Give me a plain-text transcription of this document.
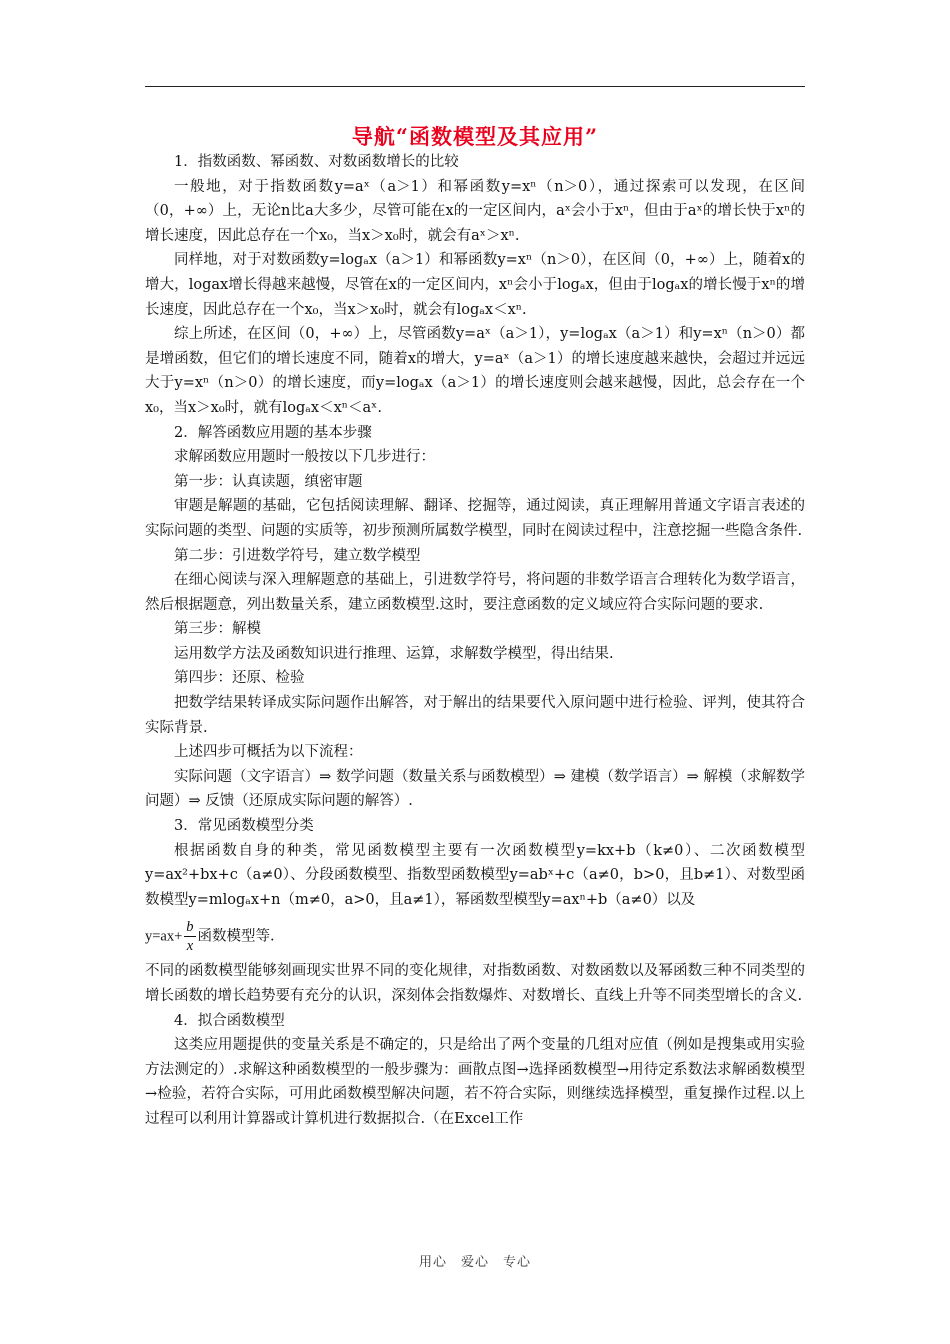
导航“函数模型及其应用”

1．指数函数、幂函数、对数函数增长的比较

一般地，对于指数函数y=aˣ（a＞1）和幂函数y=xⁿ（n＞0），通过探索可以发现，在区间（0，+∞）上，无论n比a大多少，尽管可能在x的一定区间内，aˣ会小于xⁿ，但由于aˣ的增长快于xⁿ的增长速度，因此总存在一个x₀，当x＞x₀时，就会有aˣ＞xⁿ.

同样地，对于对数函数y=logₐx（a＞1）和幂函数y=xⁿ（n＞0），在区间（0，+∞）上，随着x的增大，logax增长得越来越慢，尽管在x的一定区间内，xⁿ会小于logₐx，但由于logₐx的增长慢于xⁿ的增长速度，因此总存在一个x₀，当x＞x₀时，就会有logₐx＜xⁿ.

综上所述，在区间（0，+∞）上，尽管函数y=aˣ（a＞1），y=logₐx（a＞1）和y=xⁿ（n＞0）都是增函数，但它们的增长速度不同，随着x的增大，y=aˣ（a＞1）的增长速度越来越快，会超过并远远大于y=xⁿ（n＞0）的增长速度，而y=logₐx（a＞1）的增长速度则会越来越慢，因此，总会存在一个x₀，当x＞x₀时，就有logₐx＜xⁿ＜aˣ.

2．解答函数应用题的基本步骤

求解函数应用题时一般按以下几步进行：

第一步：认真读题，缜密审题

审题是解题的基础，它包括阅读理解、翻译、挖掘等，通过阅读，真正理解用普通文字语言表述的实际问题的类型、问题的实质等，初步预测所属数学模型，同时在阅读过程中，注意挖掘一些隐含条件.

第二步：引进数学符号，建立数学模型

在细心阅读与深入理解题意的基础上，引进数学符号，将问题的非数学语言合理转化为数学语言，然后根据题意，列出数量关系，建立函数模型.这时，要注意函数的定义域应符合实际问题的要求.

第三步：解模

运用数学方法及函数知识进行推理、运算，求解数学模型，得出结果.

第四步：还原、检验

把数学结果转译成实际问题作出解答，对于解出的结果要代入原问题中进行检验、评判，使其符合实际背景.

上述四步可概括为以下流程：

实际问题（文字语言）⇒ 数学问题（数量关系与函数模型）⇒ 建模（数学语言）⇒ 解模（求解数学问题）⇒ 反馈（还原成实际问题的解答）.

3．常见函数模型分类

根据函数自身的种类，常见函数模型主要有一次函数模型y=kx+b（k≠0）、二次函数模型y=ax²+bx+c（a≠0）、分段函数模型、指数型函数模型y=abˣ+c（a≠0，b>0，且b≠1）、对数型函数模型y=mlogₐx+n（m≠0，a>0，且a≠1），幂函数型模型y=axⁿ+b（a≠0）以及

$y=ax+ \frac{b}{x}$ 函数模型等.

不同的函数模型能够刻画现实世界不同的变化规律，对指数函数、对数函数以及幂函数三种不同类型的增长函数的增长趋势要有充分的认识，深刻体会指数爆炸、对数增长、直线上升等不同类型增长的含义.

4．拟合函数模型

这类应用题提供的变量关系是不确定的，只是给出了两个变量的几组对应值（例如是搜集或用实验方法测定的）.求解这种函数模型的一般步骤为：画散点图→选择函数模型→用待定系数法求解函数模型→检验，若符合实际，可用此函数模型解决问题，若不符合实际，则继续选择模型，重复操作过程.以上过程可以利用计算器或计算机进行数据拟合.（在Excel工作

用心　爱心　专心
